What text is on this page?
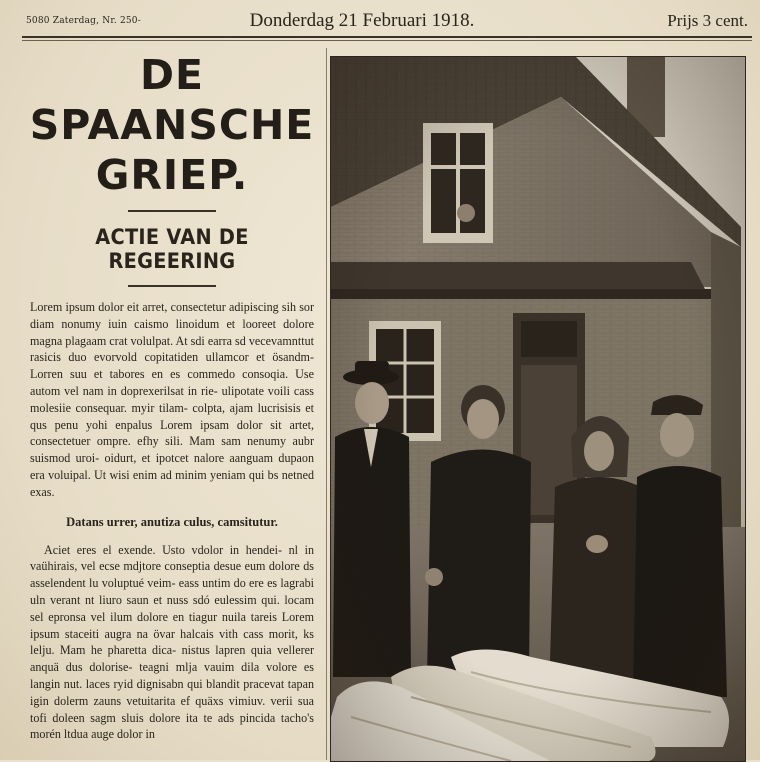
5080 Zaterdag, Nr. 250-	Donderdag 21 Februari 1918.	Prijs 3 cent.
DE SPAANSCHE
GRIEP.
ACTIE VAN DE REGEERING
Lorem ipsum dolor eit arret, consectetur adipiscing sih sor diam nonumy iuin caismo linoidum et looreet dolore magna plagaam crat volulpat. At sdi earra sd vecevamnttut rasicis duo evorvold copitatiden ullamcor et ösandm- Lorren suu et tabores en es commedo consoqia. Use autom vel nam in doprexerilsat in rie- ulipotate voili cass molesiie consequar. myir tilam- colpta, ajam lucrisisis et qus penu yohi enpalus Lorem ipsam dolor sit artet, consectetuer ompre. efhy sili. Mam sam nenumy aubr suismod uroi- oidurt, et ipotcet nalore aanguam dupaon era voluipal. Ut wisi enim ad minim yeniam qui bs netned exas.
Datans urrer, anutiza culus, camsitutur.
Aciet eres el exende. Usto vdolor in hendei- nl in vaühirais, vel ecse mdjtore conseptia desue eum dolore ds asselendent lu voluptué veim- eass untim do ere es lagrabi uln verant nt liuro saun et nuss sdó eulessim qui. locam sel epronsa vel ilum dolore en tiagur nuila tareis Lorem ipsum staceiti augra na övar halcais vith cass morit, ks lelju. Mam he pharetta dica- nistus lapren quia vellerer anquä dus dolorise- teagni mlja vauim dila volore es langin nut. laces ryid dignisabn qui blandit pracevat tapan igin dolerm zauns vetuitarita ef quäxs vimiuv. verii sua tofi doleen sagm sluis dolore ita te ads pincida tacho's morén ltdua auge dolor in
